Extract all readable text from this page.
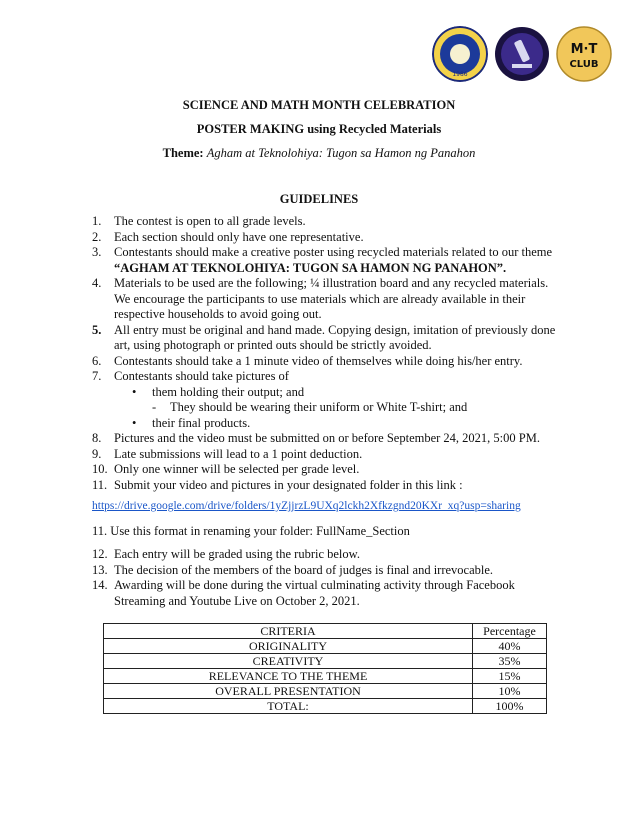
1986
M·T
CLUB
SCIENCE AND MATH MONTH CELEBRATION
POSTER MAKING using Recycled Materials
Theme: Agham at Teknolohiya: Tugon sa Hamon ng Panahon
GUIDELINES
1. The contest is open to all grade levels.
2. Each section should only have one representative.
3. Contestants should make a creative poster using recycled materials related to our theme
“AGHAM AT TEKNOLOHIYA: TUGON SA HAMON NG PANAHON”.
4. Materials to be used are the following; ¼ illustration board and any recycled materials. We encourage the participants to use materials which are already available in their respective households to avoid going out.
5. All entry must be original and hand made. Copying design, imitation of previously done art, using photograph or printed outs should be strictly avoided.
6. Contestants should take a 1 minute video of themselves while doing his/her entry.
7. Contestants should take pictures of
• them holding their output; and
- They should be wearing their uniform or White T-shirt; and
• their final products.
8. Pictures and the video must be submitted on or before September 24, 2021, 5:00 PM.
9. Late submissions will lead to a 1 point deduction.
10. Only one winner will be selected per grade level.
11. Submit your video and pictures in your designated folder in this link :
https://drive.google.com/drive/folders/1yZjjrzL9UXq2lckh2Xfkzgnd20KXr_xq?usp=sharing
11. Use this format in renaming your folder: FullName_Section
12. Each entry will be graded using the rubric below.
13. The decision of the members of the board of judges is final and irrevocable.
14. Awarding will be done during the virtual culminating activity through Facebook Streaming and Youtube Live on October 2, 2021.
CRITERIA	Percentage
ORIGINALITY	40%
CREATIVITY	35%
RELEVANCE TO THE THEME	15%
OVERALL PRESENTATION	10%
TOTAL:	100%
